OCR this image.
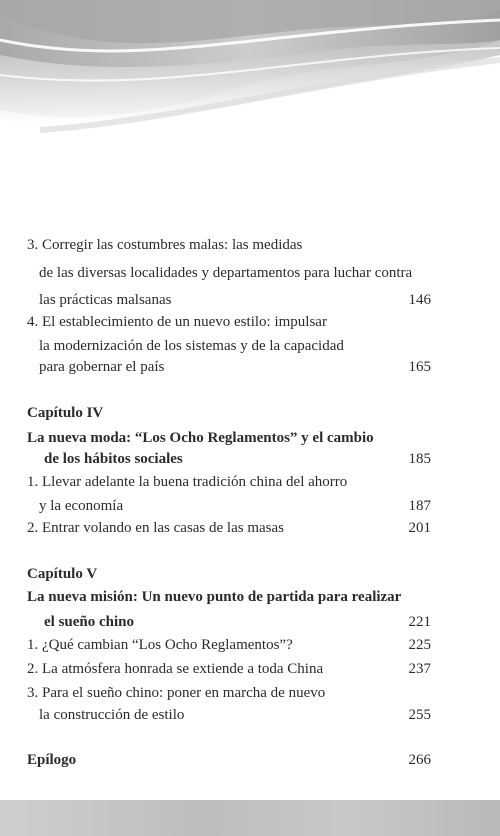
3. Corregir las costumbres malas: las medidas
de las diversas localidades y departamentos para luchar contra
las prácticas malsanas	146
4. El establecimiento de un nuevo estilo: impulsar
la modernización de los sistemas y de la capacidad
para gobernar el país	165
Capítulo IV
La nueva moda: “Los Ocho Reglamentos” y el cambio
de los hábitos sociales	185
1. Llevar adelante la buena tradición china del ahorro
y la economía	187
2. Entrar volando en las casas de las masas	201
Capítulo V
La nueva misión: Un nuevo punto de partida para realizar
el sueño chino	221
1. ¿Qué cambian “Los Ocho Reglamentos”?	225
2. La atmósfera honrada se extiende a toda China	237
3. Para el sueño chino: poner en marcha de nuevo
la construcción de estilo	255
Epílogo	266
